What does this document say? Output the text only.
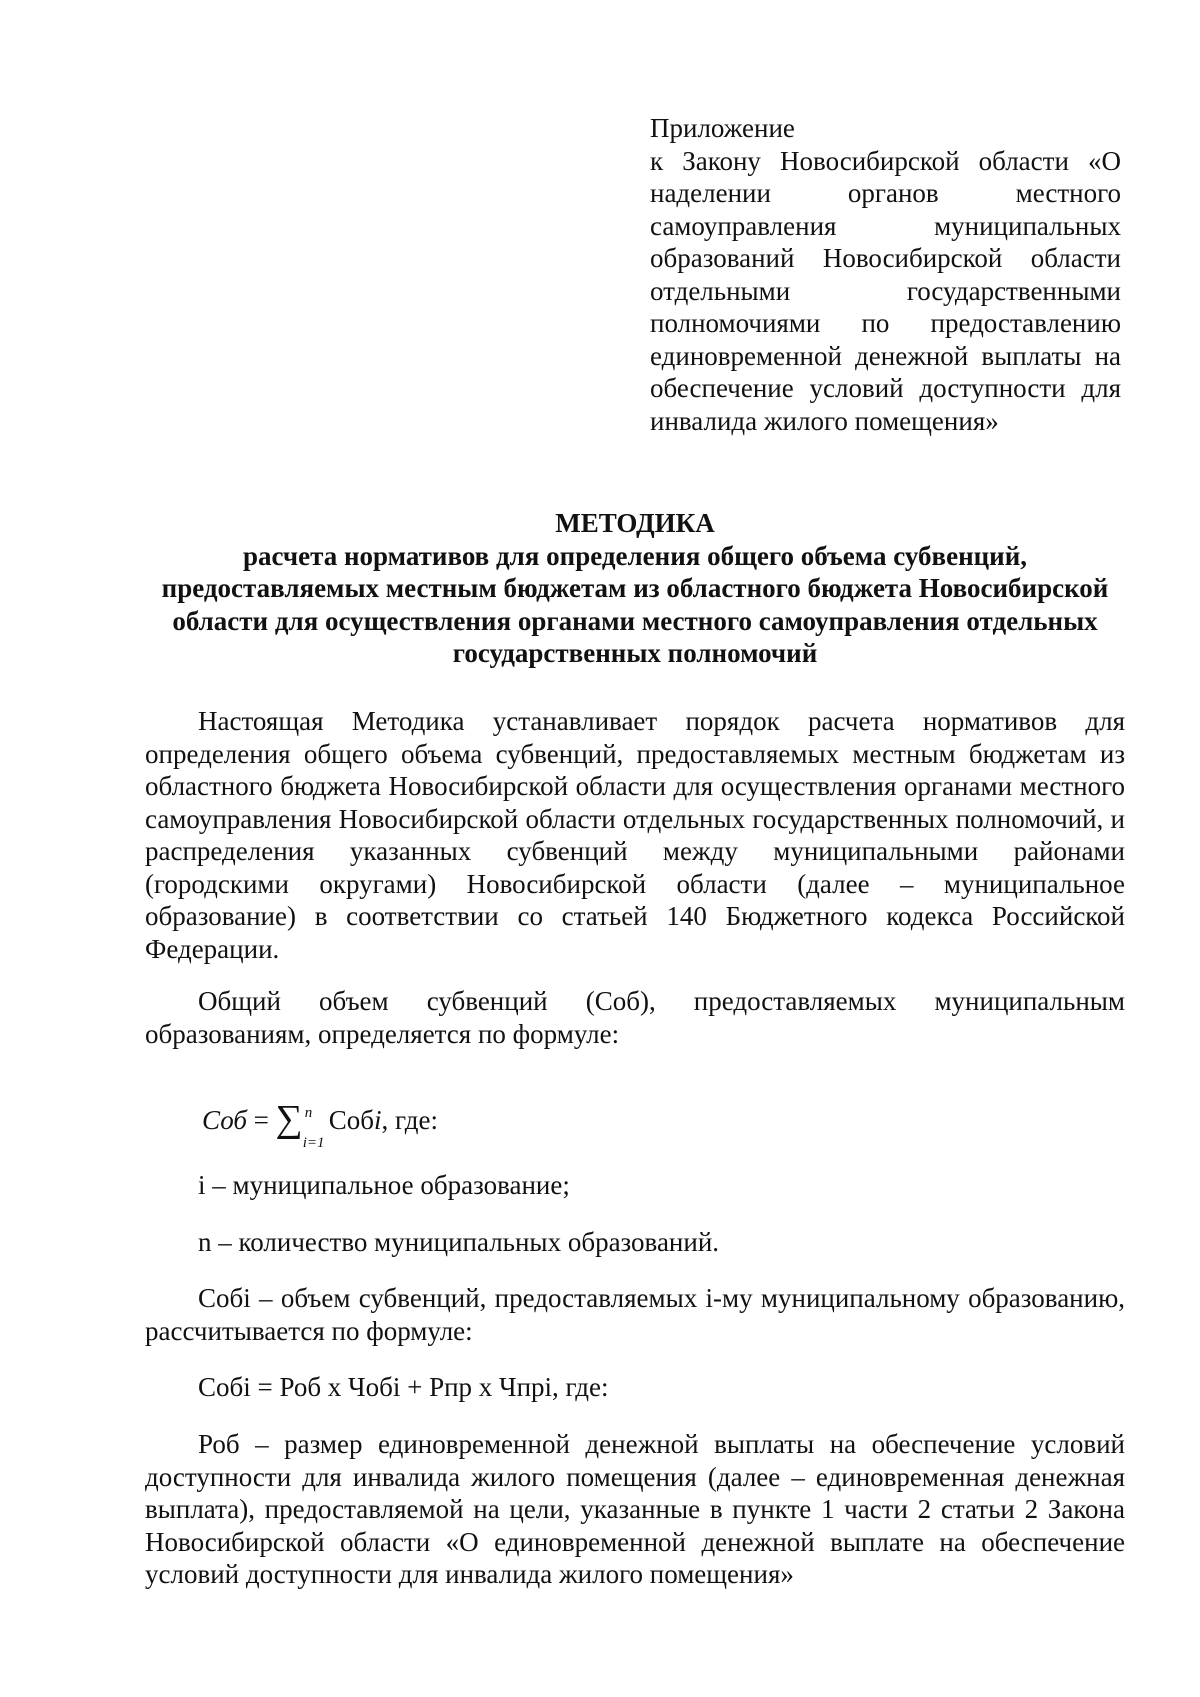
Приложение
к Закону Новосибирской области «О наделении органов местного самоуправления муниципальных образований Новосибирской области отдельными государственными полномочиями по предоставлению единовременной денежной выплаты на обеспечение условий доступности для инвалида жилого помещения»
МЕТОДИКА
расчета нормативов для определения общего объема субвенций, предоставляемых местным бюджетам из областного бюджета Новосибирской области для осуществления органами местного самоуправления отдельных государственных полномочий
Настоящая Методика устанавливает порядок расчета нормативов для определения общего объема субвенций, предоставляемых местным бюджетам из областного бюджета Новосибирской области для осуществления органами местного самоуправления Новосибирской области отдельных государственных полномочий, и распределения указанных субвенций между муниципальными районами (городскими округами) Новосибирской области (далее – муниципальное образование) в соответствии со статьей 140 Бюджетного кодекса Российской Федерации.
Общий объем субвенций (Соб), предоставляемых муниципальным образованиям, определяется по формуле:
Соб = ∑ n
i=1
Собi, где:
i – муниципальное образование;
n – количество муниципальных образований.
Собi – объем субвенций, предоставляемых i-му муниципальному образованию, рассчитывается по формуле:
Собi = Роб х Чобi + Рпр х Чпрi, где:
Роб – размер единовременной денежной выплаты на обеспечение условий доступности для инвалида жилого помещения (далее – единовременная денежная выплата), предоставляемой на цели, указанные в пункте 1 части 2 статьи 2 Закона Новосибирской области «О единовременной денежной выплате на обеспечение условий доступности для инвалида жилого помещения»
